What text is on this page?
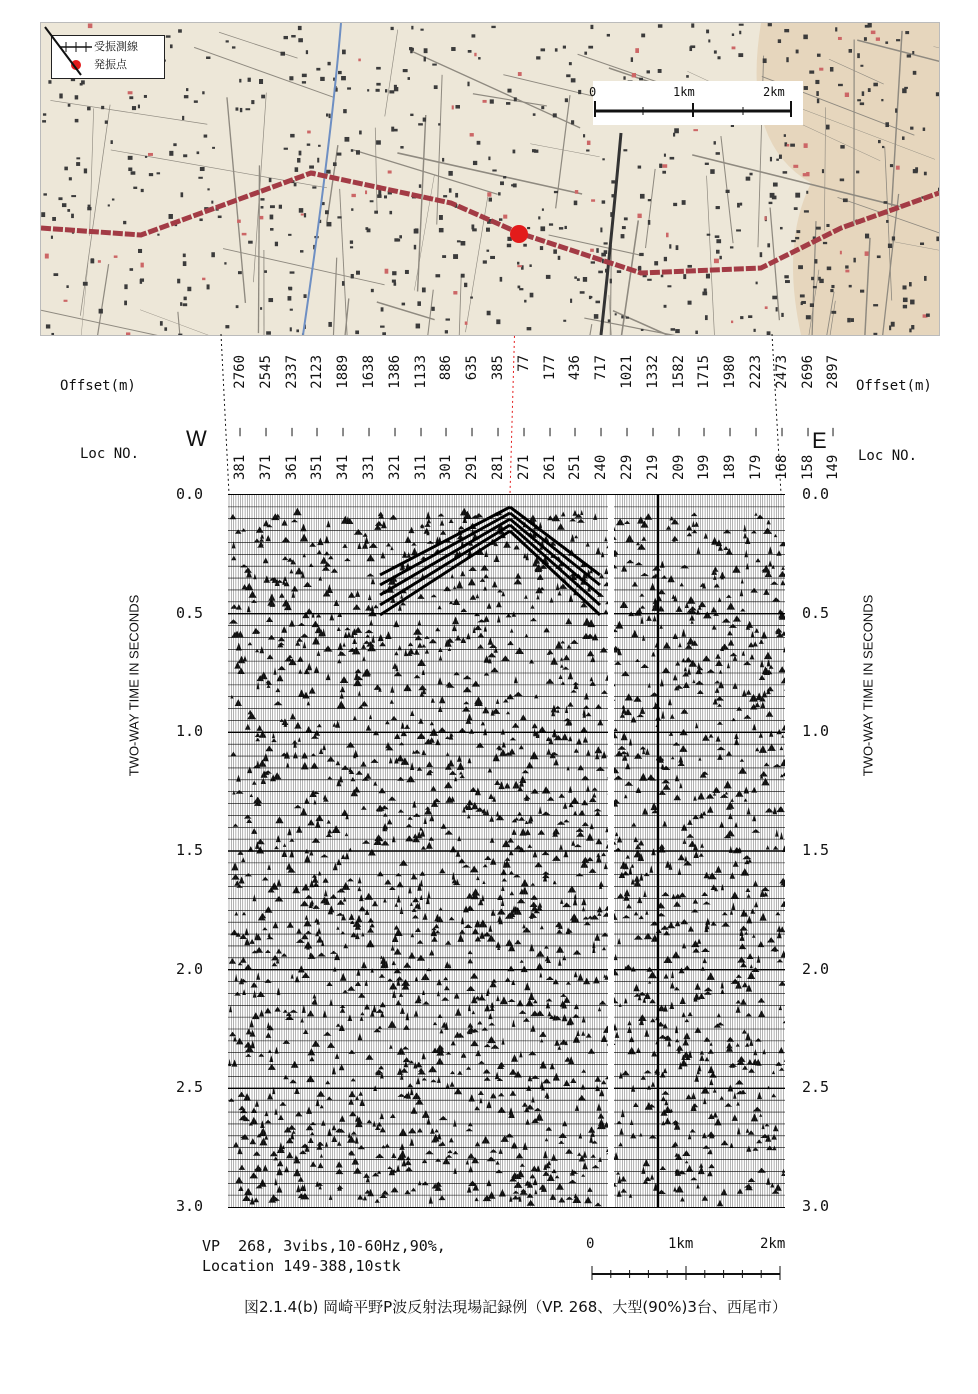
受振測線
発振点
0	1km	2km
Offset(m)	Offset(m)
Loc NO.	Loc NO.
W	E
2760
—
381
2545
—
371
2337
—
361
2123
—
351
1889
—
341
1638
—
331
1386
—
321
1133
—
311
886
—
301
635
—
291
385
—
281
77
—
271
177
—
261
436
—
251
717
—
240
1021
—
229
1332
—
219
1582
—
209
1715
—
199
1980
—
189
2223
—
179
2473
—
168
2696
—
158
2897
—
149
0.0
0.5
1.0
1.5
2.0
2.5
3.0
0.0
0.5
1.0
1.5
2.0
2.5
3.0
TWO-WAY TIME IN SECONDS	TWO-WAY TIME IN SECONDS
VP  268, 3vibs,10-60Hz,90%,
Location 149-388,10stk
0	1km	2km
図2.1.4(b) 岡崎平野P波反射法現場記録例（VP. 268、大型(90%)3台、西尾市）
